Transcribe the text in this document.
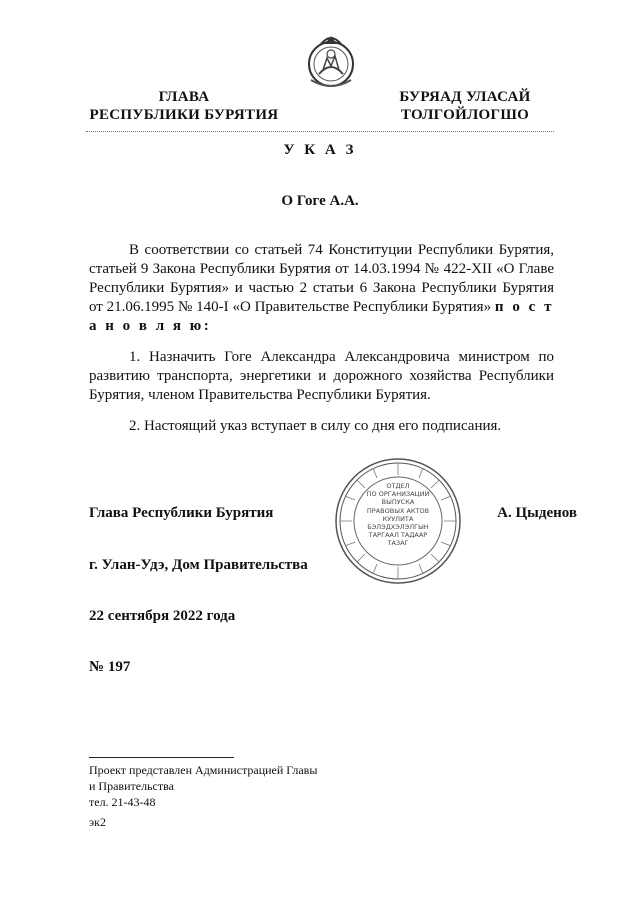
ГЛАВА
РЕСПУБЛИКИ БУРЯТИЯ
БУРЯАД УЛАСАЙ
ТОЛГОЙЛОГШО
У К А З
О Гоге А.А.
В соответствии со статьей 74 Конституции Республики Бурятия, статьей 9 Закона Республики Бурятия от 14.03.1994 № 422-XII «О Главе Республики Бурятия» и частью 2 статьи 6 Закона Республики Бурятия от 21.06.1995 № 140-I «О Правительстве Республики Бурятия» п о с т а н о в л я ю:
1. Назначить Гоге Александра Александровича министром по развитию транспорта, энергетики и дорожного хозяйства Республики Бурятия, членом Правительства Республики Бурятия.
2. Настоящий указ вступает в силу со дня его подписания.
Глава Республики Бурятия	А. Цыденов
ОТДЕЛ
ПО ОРГАНИЗАЦИИ
ВЫПУСКА
ПРАВОВЫХ АКТОВ
КУУЛИТА
БЭЛЭДХЭЛЭЛГЫН
ТАРГААЛ ТАДААР
ТАЗАГ
г. Улан-Удэ, Дом Правительства
22 сентября 2022 года
№ 197
Проект представлен Администрацией Главы
и Правительства
тел. 21-43-48
эк2
